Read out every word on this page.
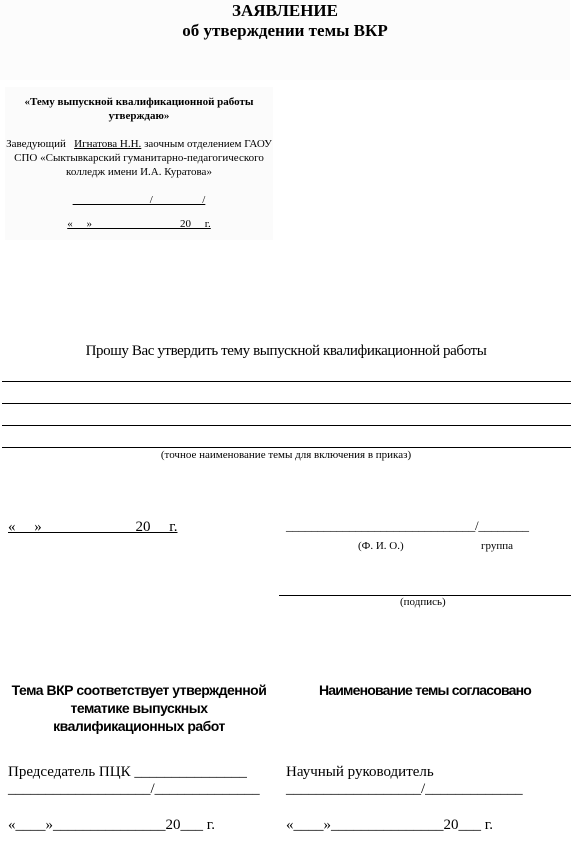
ЗАЯВЛЕНИЕ
об утверждении темы ВКР
«Тему выпускной квалификационной работы утверждаю»
Заведующий Игнатова Н.Н. заочным отделением ГАОУ СПО «Сыктывкарский гуманитарно-педагогического колледж имени И.А. Куратова»
______________/_________/
«     »                                20     г.
Прошу Вас утвердить тему выпускной квалификационной работы
(точное наименование темы для включения в приказ)
«     »                         20     г.	______________________________/________
(Ф. И. О.)	группа
(подпись)
Тема ВКР соответствует утвержденной тематике выпускных квалификационных работ
Наименование темы согласовано
Председатель ПЦК _______________
___________________/______________
Научный руководитель
__________________/_____________
«____»_______________20___ г.	«____»_______________20___ г.
